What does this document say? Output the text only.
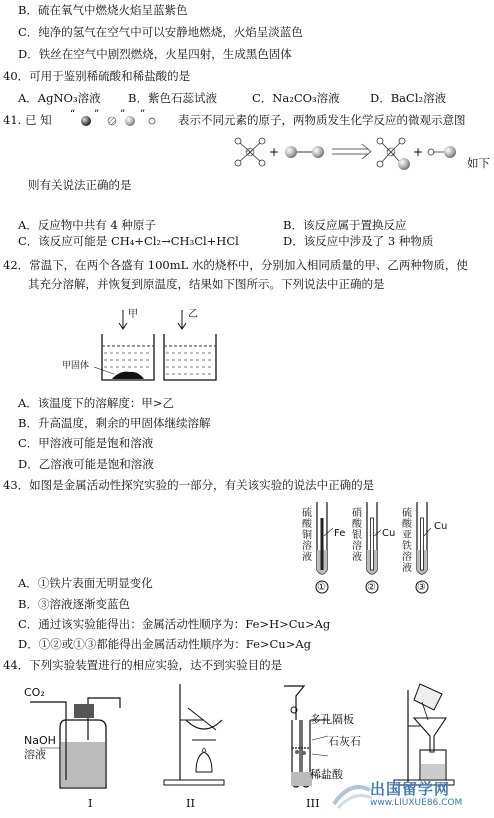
B．硫在氧气中燃烧火焰呈蓝紫色
C．纯净的氢气在空气中可以安静地燃烧，火焰呈淡蓝色
D．铁丝在空气中剧烈燃烧，火星四射，生成黑色固体
40．可用于鉴别稀硫酸和稀盐酸的是
A．AgNO₃溶液 B．紫色石蕊试液	C．Na₂CO₃溶液	D．BaCl₂溶液
41. 已 知 “ ” ” ”	表示不同元素的原子，两物质发生化学反应的微观示意图
+	+
如下
则有关说法正确的是
A．反应物中共有 4 种原子	B．该反应属于置换反应
C．该反应可能是 CH₄+Cl₂→CH₃Cl+HCl	D．该反应中涉及了 3 种物质
42．常温下，在两个各盛有 100mL 水的烧杯中，分别加入相同质量的甲、乙两种物质，使
其充分溶解，并恢复到原温度，结果如下图所示。下列说法中正确的是
甲	乙
甲固体
A．该温度下的溶解度：甲>乙
B．升高温度，剩余的甲固体继续溶解
C．甲溶液可能是饱和溶液
D．乙溶液可能是饱和溶液
43．如图是金属活动性探究实验的一部分，有关该实验的说法中正确的是
硫酸铜溶液
Fe
硝酸银溶液
Cu
硫酸亚铁溶液
Cu
①	②	③
A．①铁片表面无明显变化
B．③溶液逐渐变蓝色
C．通过该实验能得出：金属活动性顺序为：Fe>H>Cu>Ag
D．①②或①③都能得出金属活动性顺序为：Fe>Cu>Ag
44．下列实验装置进行的相应实验，达不到实验目的是
CO₂
NaOH
溶液
多孔隔板
石灰石
稀盐酸
I	II	III
出国留学网
www.LIUXUE86.COM
